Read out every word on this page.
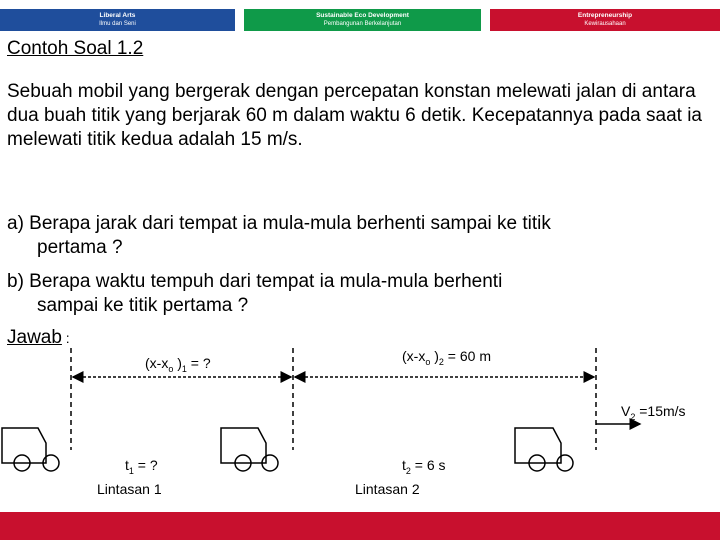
Liberal Arts
Ilmu dan Seni
Sustainable Eco Development
Pembangunan Berkelanjutan
Entrepreneurship
Kewirausahaan
Contoh Soal 1.2
Sebuah mobil yang bergerak dengan percepatan konstan melewati jalan di antara dua buah titik yang berjarak 60 m dalam waktu 6 detik. Kecepatannya pada saat ia melewati titik kedua adalah 15 m/s.
a) Berapa jarak dari tempat ia mula-mula berhenti sampai ke titik
pertama ?
b) Berapa waktu tempuh dari tempat ia mula-mula berhenti
sampai ke titik pertama ?
Jawab :
($x-x_o$ )$_1$ = ?	($x-x_o$ )$_2 = 60$ m
$V_2 =15m/s$
$t_1$ = ?	$t_2 = 6$ s
Lintasan 1	Lintasan 2
